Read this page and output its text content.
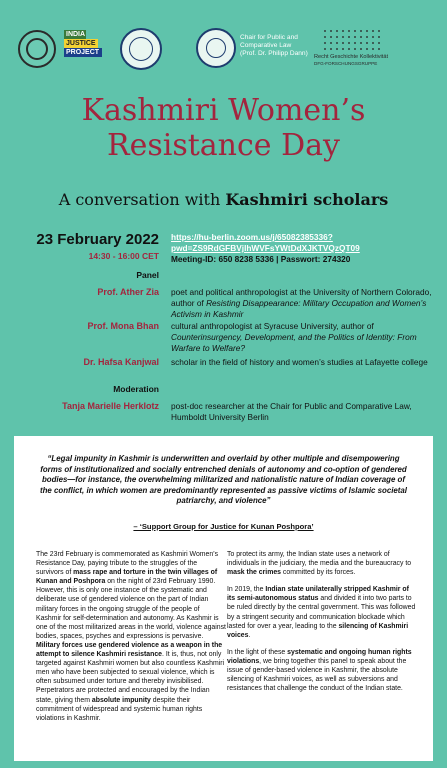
INDIA
JUSTICE
PROJECT
Chair for Public and
Comparative Law
(Prof. Dr. Philipp Dann) Recht Geschichte Kollektivität
DFG-FORSCHUNGSGRUPPE
Kashmiri Women’s
Resistance Day
A conversation with Kashmiri scholars
23 February 2022
14:30 - 16:00 CET
https://hu-berlin.zoom.us/j/65082385336?
pwd=ZS9RdGFBVjlhWVFsYWtDdXJKTVQzQT09
Meeting-ID: 650 8238 5336 | Passwort: 274320
Panel
Prof. Ather Zia poet and political anthropologist at the University of Northern Colorado, author of Resisting Disappearance: Military Occupation and Women’s Activism in Kashmir
Prof. Mona Bhan cultural anthropologist at Syracuse University, author of Counterinsurgency, Development, and the Politics of Identity: From Warfare to Welfare?
Dr. Hafsa Kanjwal scholar in the field of history and women’s studies at Lafayette college
Moderation
Tanja Marielle Herklotz post-doc researcher at the Chair for Public and Comparative Law, Humboldt University Berlin
“Legal impunity in Kashmir is underwritten and overlaid by other multiple and disempowering forms of institutionalized and socially entrenched denials of autonomy and co-option of gendered bodies—for instance, the overwhelming militarized and nationalistic nature of Indian coverage of the conflict, in which women are predominantly represented as passive victims of Islamic societal patriarchy, and violence”
– ‘Support Group for Justice for Kunan Poshpora’

The 23rd February is commemorated as Kashmiri Women’s Resistance Day, paying tribute to the struggles of the survivors of mass rape and torture in the twin villages of Kunan and Poshpora on the night of 23rd February 1990. However, this is only one instance of the systematic and deliberate use of gendered violence on the part of Indian military forces in the ongoing struggle of the people of Kashmir for self-determination and autonomy. As Kashmir is one of the most militarized areas in the world, violence against bodies, spaces, psyches and expressions is pervasive. Military forces use gendered violence as a weapon in the attempt to silence Kashmiri resistance. It is, thus, not only targeted against Kashmiri women but also countless Kashmiri men who have been subjected to sexual violence, which is often subsumed under torture and thereby invisibilised. Perpetrators are protected and encouraged by the Indian state, giving them absolute impunity despite their commitment of widespread and systemic human rights violations in Kashmir.

To protect its army, the Indian state uses a network of individuals in the judiciary, the media and the bureaucracy to mask the crimes committed by its forces.

In 2019, the Indian state unilaterally stripped Kashmir of its semi-autonomous status and divided it into two parts to be ruled directly by the central government. This was followed by a stringent security and communication blockade which lasted for over a year, leading to the silencing of Kashmiri voices.

In the light of these systematic and ongoing human rights violations, we bring together this panel to speak about the issue of gender-based violence in Kashmir, the absolute silencing of Kashmiri voices, as well as subversions and resistances that challenge the conduct of the Indian state.
